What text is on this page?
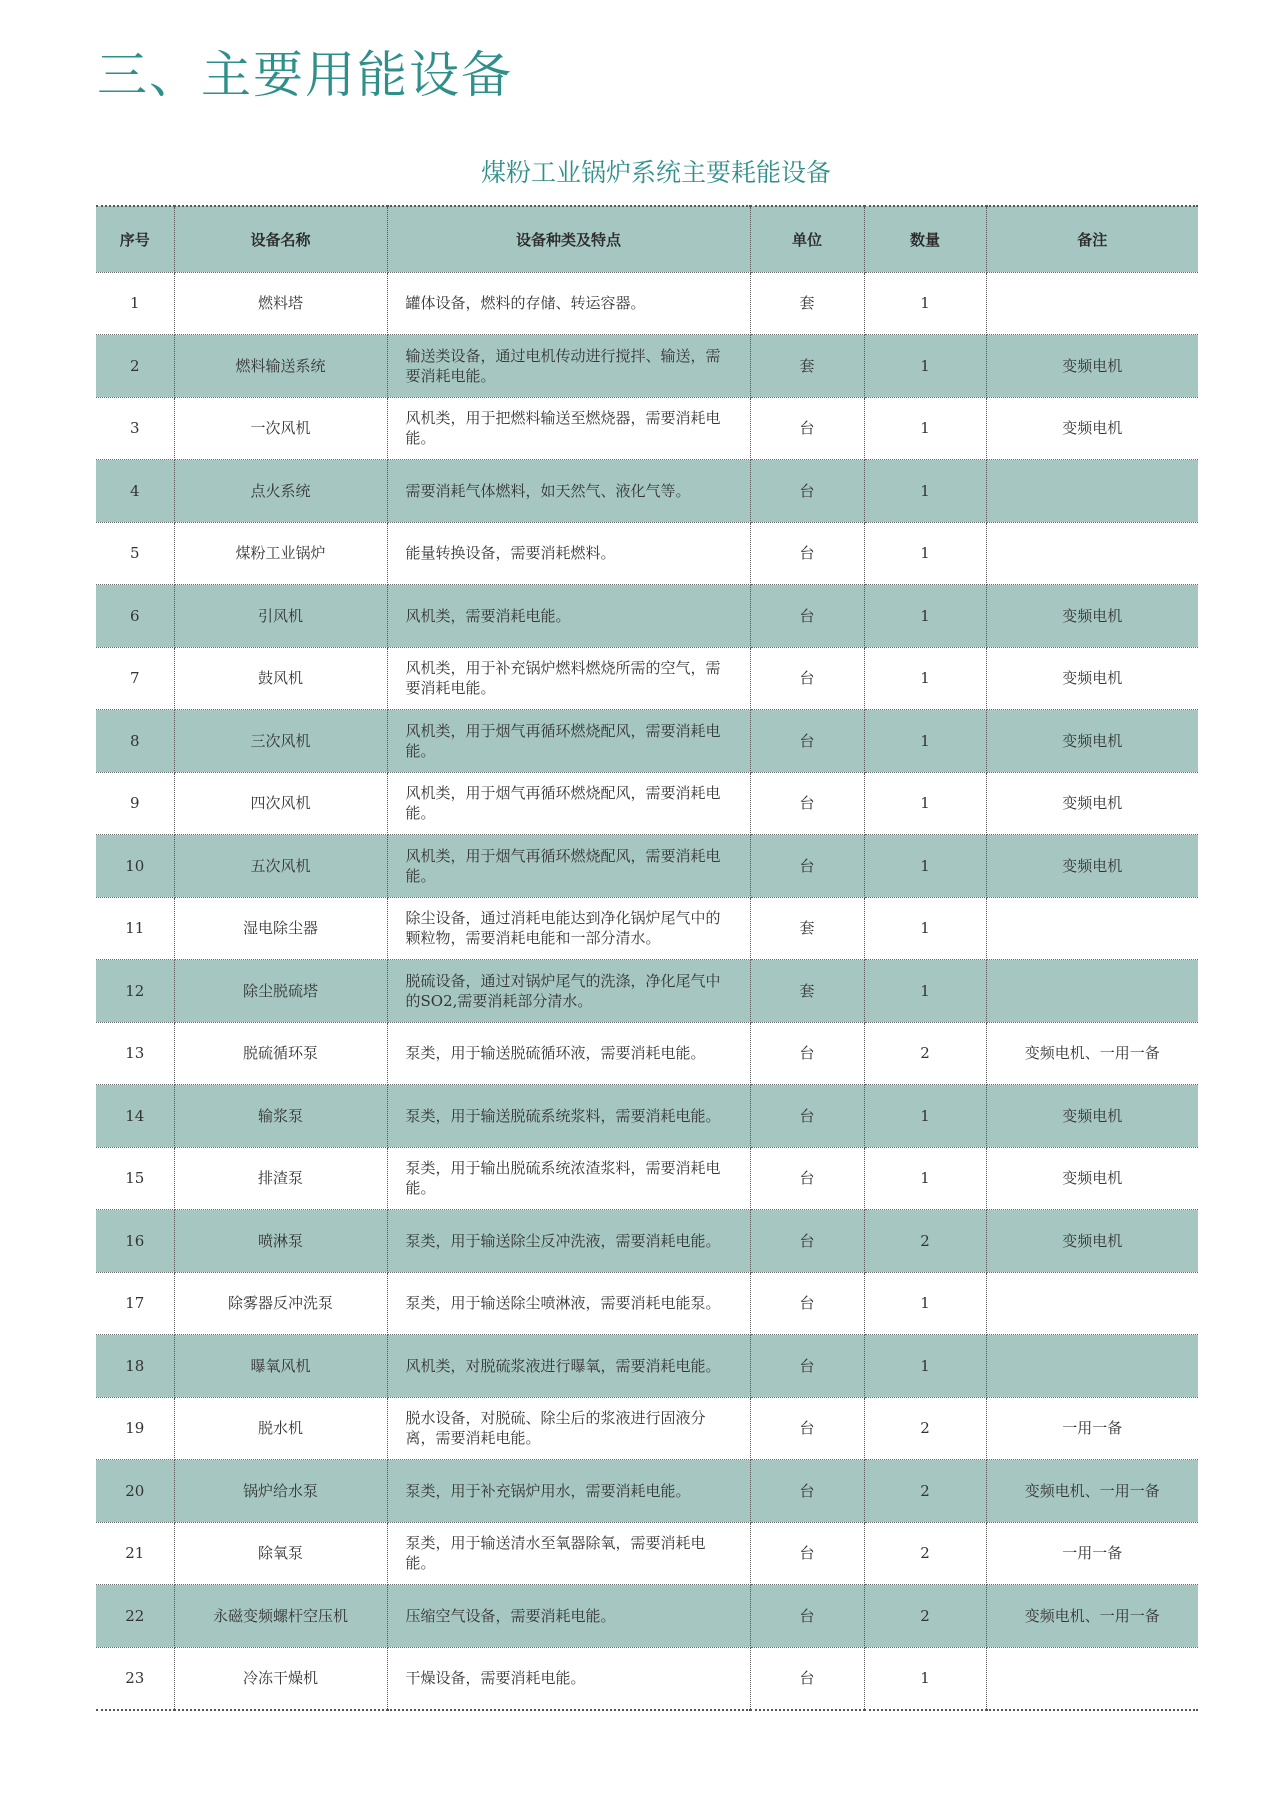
三、主要用能设备
煤粉工业锅炉系统主要耗能设备
序号	设备名称	设备种类及特点	单位	数量	备注
1	燃料塔	罐体设备，燃料的存储、转运容器。	套	1	
2	燃料输送系统	输送类设备，通过电机传动进行搅拌、输送，需要消耗电能。	套	1	变频电机
3	一次风机	风机类，用于把燃料输送至燃烧器，需要消耗电能。	台	1	变频电机
4	点火系统	需要消耗气体燃料，如天然气、液化气等。	台	1	
5	煤粉工业锅炉	能量转换设备，需要消耗燃料。	台	1	
6	引风机	风机类，需要消耗电能。	台	1	变频电机
7	鼓风机	风机类，用于补充锅炉燃料燃烧所需的空气，需要消耗电能。	台	1	变频电机
8	三次风机	风机类，用于烟气再循环燃烧配风，需要消耗电能。	台	1	变频电机
9	四次风机	风机类，用于烟气再循环燃烧配风，需要消耗电能。	台	1	变频电机
10	五次风机	风机类，用于烟气再循环燃烧配风，需要消耗电能。	台	1	变频电机
11	湿电除尘器	除尘设备，通过消耗电能达到净化锅炉尾气中的颗粒物，需要消耗电能和一部分清水。	套	1	
12	除尘脱硫塔	脱硫设备，通过对锅炉尾气的洗涤，净化尾气中的SO2,需要消耗部分清水。	套	1	
13	脱硫循环泵	泵类，用于输送脱硫循环液，需要消耗电能。	台	2	变频电机、一用一备
14	输浆泵	泵类，用于输送脱硫系统浆料，需要消耗电能。	台	1	变频电机
15	排渣泵	泵类，用于输出脱硫系统浓渣浆料，需要消耗电能。	台	1	变频电机
16	喷淋泵	泵类，用于输送除尘反冲洗液，需要消耗电能。	台	2	变频电机
17	除雾器反冲洗泵	泵类，用于输送除尘喷淋液，需要消耗电能泵。	台	1	
18	曝氧风机	风机类，对脱硫浆液进行曝氧，需要消耗电能。	台	1	
19	脱水机	脱水设备，对脱硫、除尘后的浆液进行固液分离，需要消耗电能。	台	2	一用一备
20	锅炉给水泵	泵类，用于补充锅炉用水，需要消耗电能。	台	2	变频电机、一用一备
21	除氧泵	泵类，用于输送清水至氧器除氧，需要消耗电能。	台	2	一用一备
22	永磁变频螺杆空压机	压缩空气设备，需要消耗电能。	台	2	变频电机、一用一备
23	冷冻干燥机	干燥设备，需要消耗电能。	台	1	
